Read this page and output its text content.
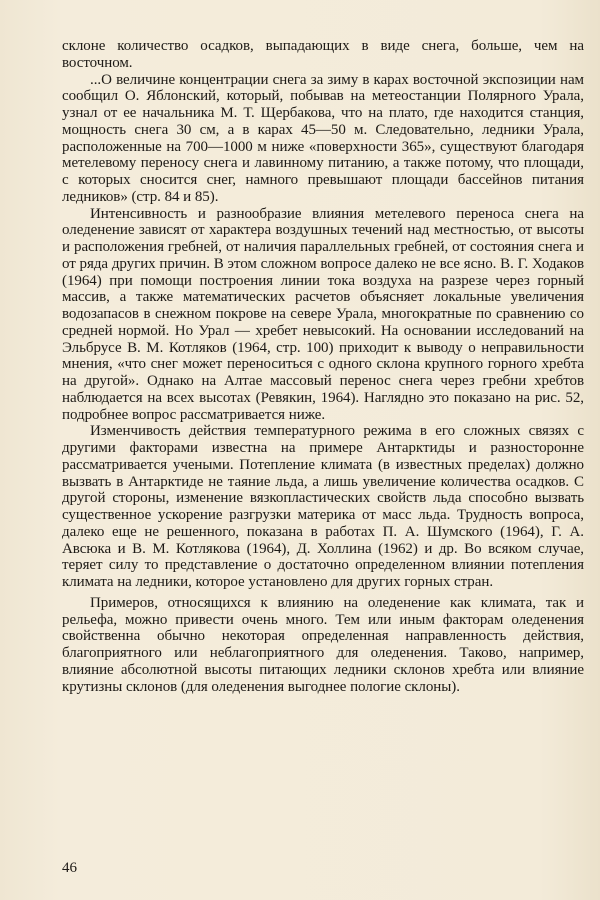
склоне количество осадков, выпадающих в виде снега, больше, чем на восточном.

...О величине концентрации снега за зиму в карах восточной экспозиции нам сообщил О. Яблонский, который, побывав на метеостанции Полярного Урала, узнал от ее начальника М. Т. Щербакова, что на плато, где находится станция, мощность снега 30 см, а в карах 45—50 м. Следовательно, ледники Урала, расположенные на 700—1000 м ниже «поверхности 365», существуют благодаря метелевому переносу снега и лавинному питанию, а также потому, что площади, с которых сносится снег, намного превышают площади бассейнов питания ледников» (стр. 84 и 85).

Интенсивность и разнообразие влияния метелевого переноса снега на оледенение зависят от характера воздушных течений над местностью, от высоты и расположения гребней, от наличия параллельных гребней, от состояния снега и от ряда других причин. В этом сложном вопросе далеко не все ясно. В. Г. Ходаков (1964) при помощи построения линии тока воздуха на разрезе через горный массив, а также математических расчетов объясняет локальные увеличения водозапасов в снежном покрове на севере Урала, многократные по сравнению со средней нормой. Но Урал — хребет невысокий. На основании исследований на Эльбрусе В. М. Котляков (1964, стр. 100) приходит к выводу о неправильности мнения, «что снег может переноситься с одного склона крупного горного хребта на другой». Однако на Алтае массовый перенос снега через гребни хребтов наблюдается на всех высотах (Ревякин, 1964). Наглядно это показано на рис. 52, подробнее вопрос рассматривается ниже.

Изменчивость действия температурного режима в его сложных связях с другими факторами известна на примере Антарктиды и разносторонне рассматривается учеными. Потепление климата (в известных пределах) должно вызвать в Антарктиде не таяние льда, а лишь увеличение количества осадков. С другой стороны, изменение вязкопластических свойств льда способно вызвать существенное ускорение разгрузки материка от масс льда. Трудность вопроса, далеко еще не решенного, показана в работах П. А. Шумского (1964), Г. А. Авсюка и В. М. Котлякова (1964), Д. Холлина (1962) и др. Во всяком случае, теряет силу то представление о достаточно определенном влиянии потепления климата на ледники, которое установлено для других горных стран.

Примеров, относящихся к влиянию на оледенение как климата, так и рельефа, можно привести очень много. Тем или иным факторам оледенения свойственна обычно некоторая определенная направленность действия, благоприятного или неблагоприятного для оледенения. Таково, например, влияние абсолютной высоты питающих ледники склонов хребта или влияние крутизны склонов (для оледенения выгоднее пологие склоны).

46
